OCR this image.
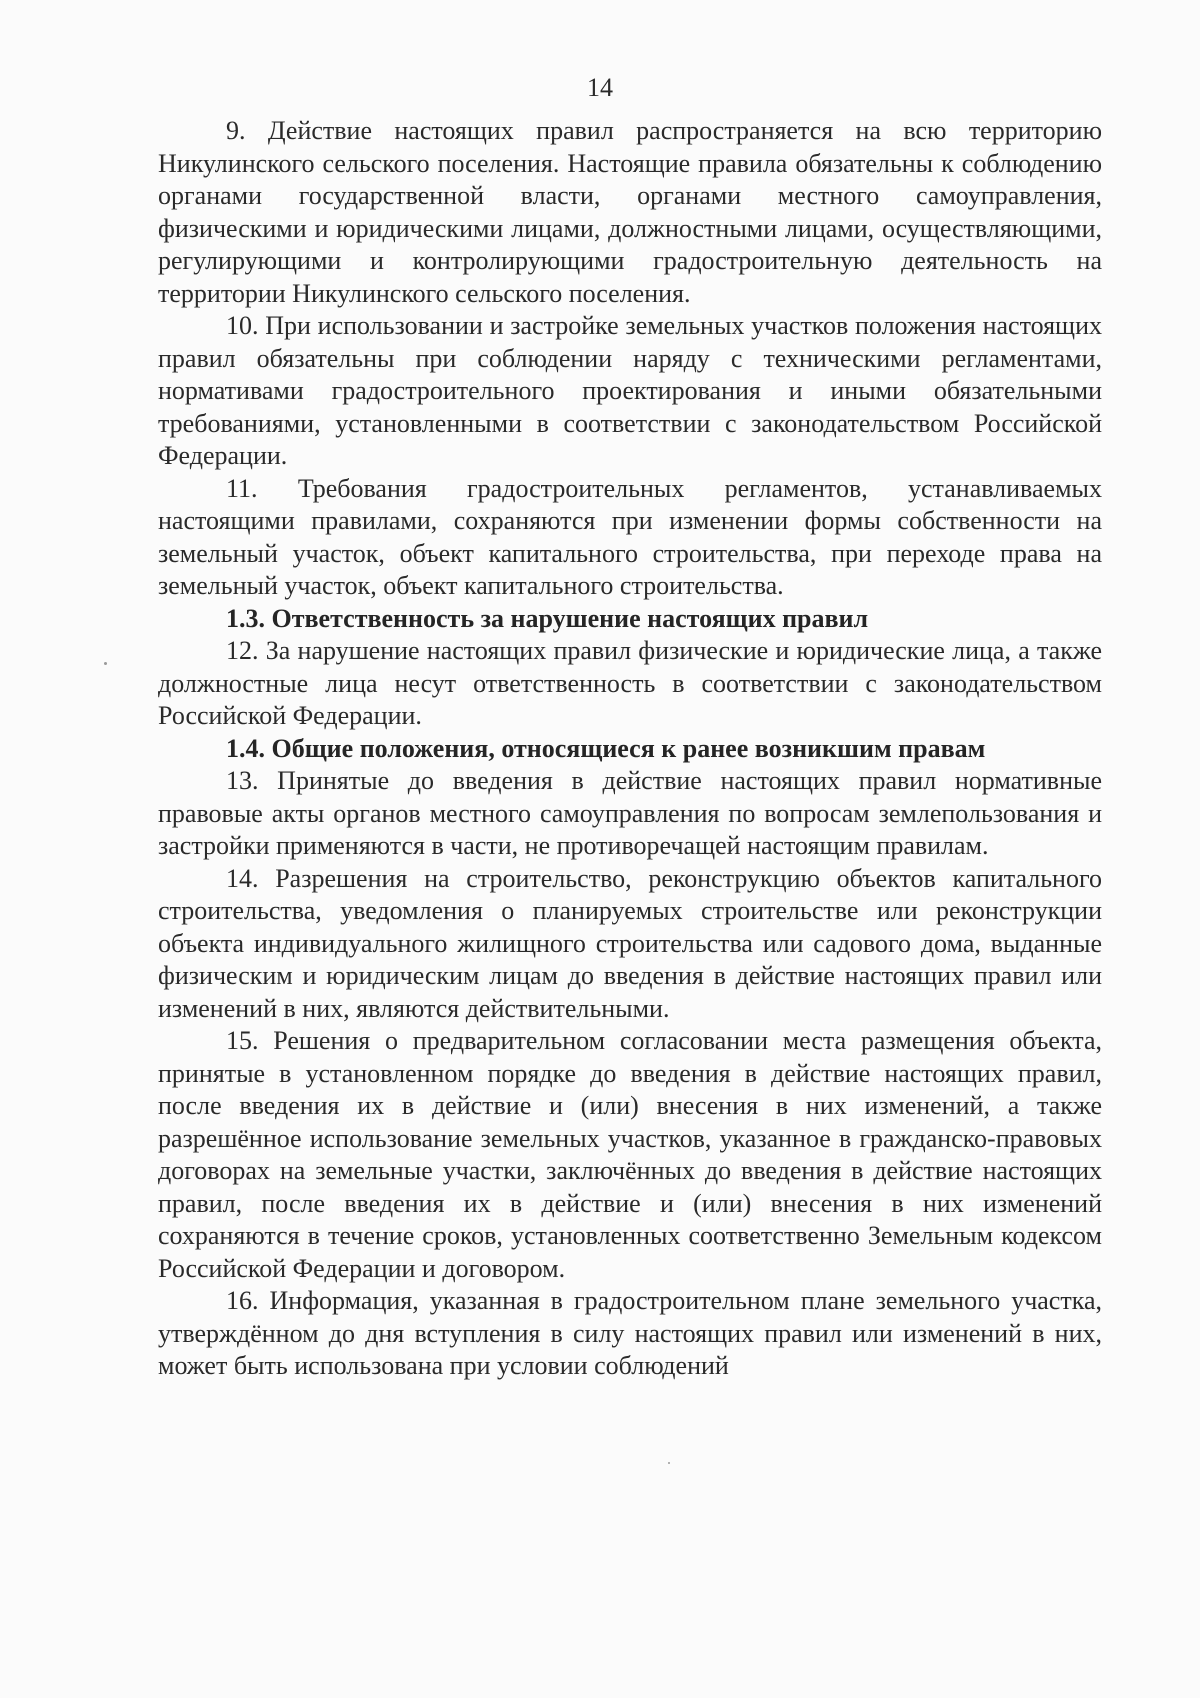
14

9. Действие настоящих правил распространяется на всю территорию Никулинского сельского поселения. Настоящие правила обязательны к соблюдению органами государственной власти, органами местного самоуправления, физическими и юридическими лицами, должностными лицами, осуществляющими, регулирующими и контролирующими градостроительную деятельность на территории Никулинского сельского поселения.

10. При использовании и застройке земельных участков положения настоящих правил обязательны при соблюдении наряду с техническими регламентами, нормативами градостроительного проектирования и иными обязательными требованиями, установленными в соответствии с законодательством Российской Федерации.

11. Требования градостроительных регламентов, устанавливаемых настоящими правилами, сохраняются при изменении формы собственности на земельный участок, объект капитального строительства, при переходе права на земельный участок, объект капитального строительства.

1.3. Ответственность за нарушение настоящих правил

12. За нарушение настоящих правил физические и юридические лица, а также должностные лица несут ответственность в соответствии с законодательством Российской Федерации.

1.4. Общие положения, относящиеся к ранее возникшим правам

13. Принятые до введения в действие настоящих правил нормативные правовые акты органов местного самоуправления по вопросам землепользования и застройки применяются в части, не противоречащей настоящим правилам.

14. Разрешения на строительство, реконструкцию объектов капитального строительства, уведомления о планируемых строительстве или реконструкции объекта индивидуального жилищного строительства или садового дома, выданные физическим и юридическим лицам до введения в действие настоящих правил или изменений в них, являются действительными.

15. Решения о предварительном согласовании места размещения объекта, принятые в установленном порядке до введения в действие настоящих правил, после введения их в действие и (или) внесения в них изменений, а также разрешённое использование земельных участков, указанное в гражданско-правовых договорах на земельные участки, заключённых до введения в действие настоящих правил, после введения их в действие и (или) внесения в них изменений сохраняются в течение сроков, установленных соответственно Земельным кодексом Российской Федерации и договором.

16. Информация, указанная в градостроительном плане земельного участка, утверждённом до дня вступления в силу настоящих правил или изменений в них, может быть использована при условии соблюдений
